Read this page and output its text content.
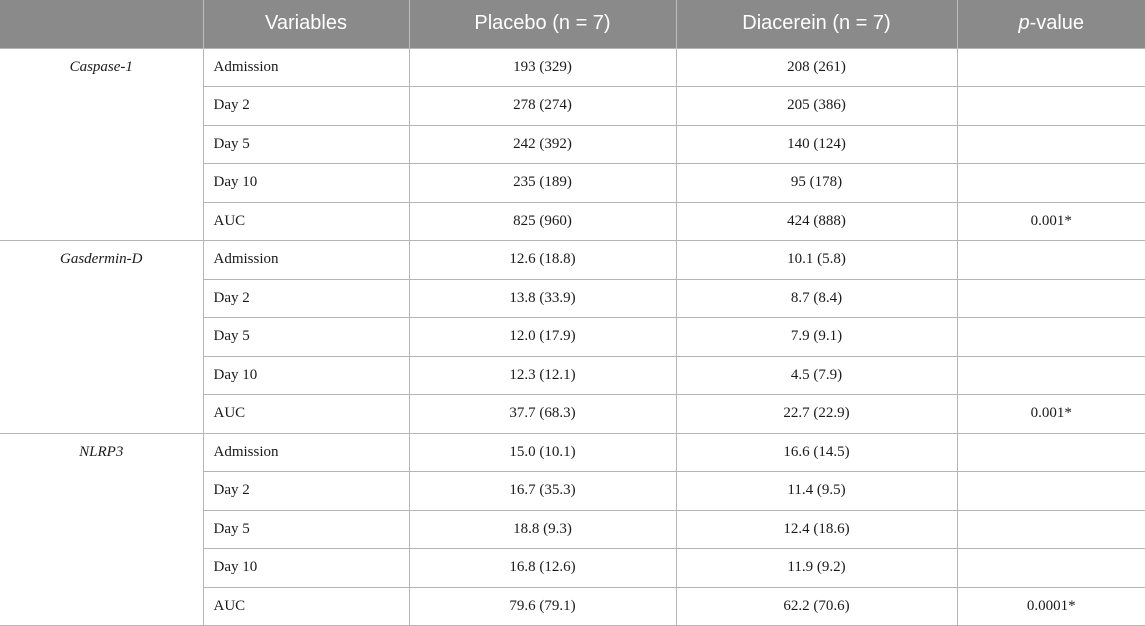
	Variables	Placebo (n = 7)	Diacerein (n = 7)	p-value
Caspase-1	Admission	193 (329)	208 (261)	
	Day 2	278 (274)	205 (386)	
	Day 5	242 (392)	140 (124)	
	Day 10	235 (189)	95 (178)	
	AUC	825 (960)	424 (888)	0.001*
Gasdermin-D	Admission	12.6 (18.8)	10.1 (5.8)	
	Day 2	13.8 (33.9)	8.7 (8.4)	
	Day 5	12.0 (17.9)	7.9 (9.1)	
	Day 10	12.3 (12.1)	4.5 (7.9)	
	AUC	37.7 (68.3)	22.7 (22.9)	0.001*
NLRP3	Admission	15.0 (10.1)	16.6 (14.5)	
	Day 2	16.7 (35.3)	11.4 (9.5)	
	Day 5	18.8 (9.3)	12.4 (18.6)	
	Day 10	16.8 (12.6)	11.9 (9.2)	
	AUC	79.6 (79.1)	62.2 (70.6)	0.0001*
